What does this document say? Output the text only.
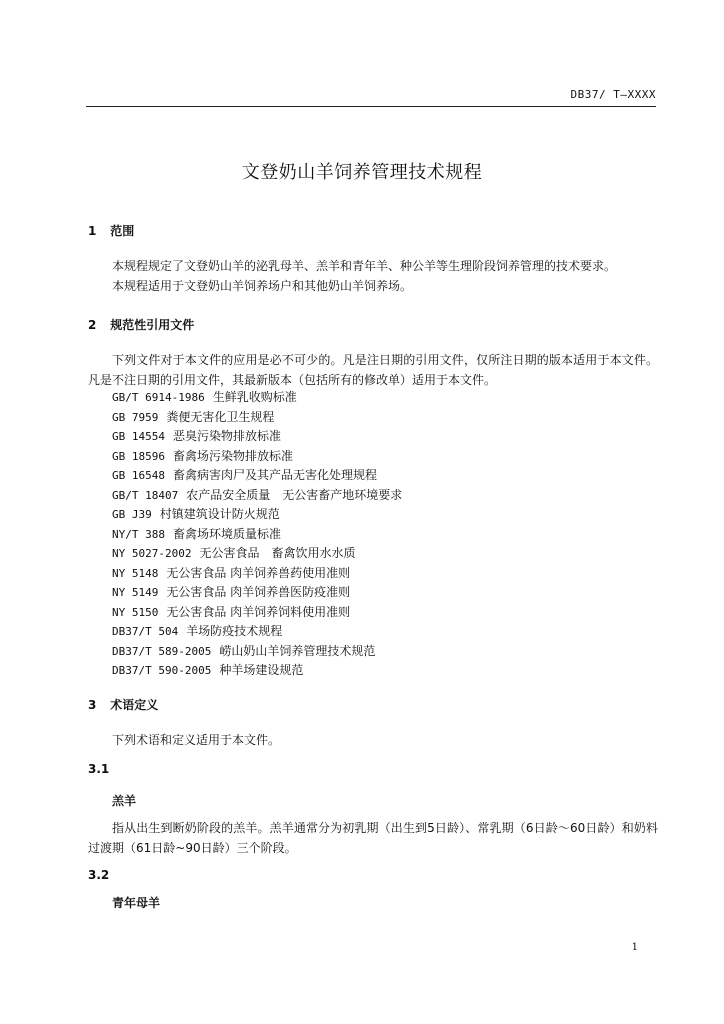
DB37/ T—XXXX
文登奶山羊饲养管理技术规程
1 范围
本规程规定了文登奶山羊的泌乳母羊、羔羊和青年羊、种公羊等生理阶段饲养管理的技术要求。
本规程适用于文登奶山羊饲养场户和其他奶山羊饲养场。
2 规范性引用文件
下列文件对于本文件的应用是必不可少的。凡是注日期的引用文件，仅所注日期的版本适用于本文件。凡是不注日期的引用文件，其最新版本（包括所有的修改单）适用于本文件。
GB/T 6914-1986 生鲜乳收购标准
GB 7959 粪便无害化卫生规程
GB 14554 恶臭污染物排放标准
GB 18596 畜禽场污染物排放标准
GB 16548 畜禽病害肉尸及其产品无害化处理规程
GB/T 18407 农产品安全质量　无公害畜产地环境要求
GB J39 村镇建筑设计防火规范
NY/T 388 畜禽场环境质量标准
NY 5027-2002 无公害食品　畜禽饮用水水质
NY 5148 无公害食品 肉羊饲养兽药使用准则
NY 5149 无公害食品 肉羊饲养兽医防疫准则
NY 5150 无公害食品 肉羊饲养饲料使用准则
DB37/T 504 羊场防疫技术规程
DB37/T 589-2005 崂山奶山羊饲养管理技术规范
DB37/T 590-2005 种羊场建设规范
3 术语定义
下列术语和定义适用于本文件。
3.1
羔羊
指从出生到断奶阶段的羔羊。羔羊通常分为初乳期（出生到5日龄）、常乳期（6日龄～60日龄）和奶料过渡期（61日龄~90日龄）三个阶段。
3.2
青年母羊
1
